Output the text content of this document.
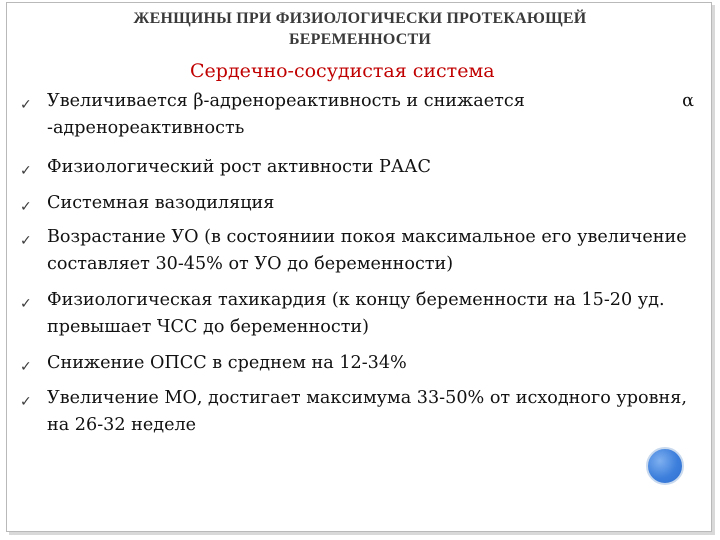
ЖЕНЩИНЫ ПРИ ФИЗИОЛОГИЧЕСКИ ПРОТЕКАЮЩЕЙ
БЕРЕМЕННОСТИ
Сердечно-сосудистая система
✓ Увеличивается β-адренореактивность и снижается	α
-адренореактивность
✓ Физиологический рост активности РААС
✓ Системная вазодиляция
✓ Возрастание УО (в состояниии покоя максимальное его увеличение составляет 30-45% от УО до беременности)
✓ Физиологическая тахикардия (к концу беременности на 15-20 уд. превышает ЧСС до беременности)
✓ Снижение ОПСС в среднем на 12-34%
✓ Увеличение МО, достигает максимума 33-50% от исходного уровня, на 26-32 неделе
